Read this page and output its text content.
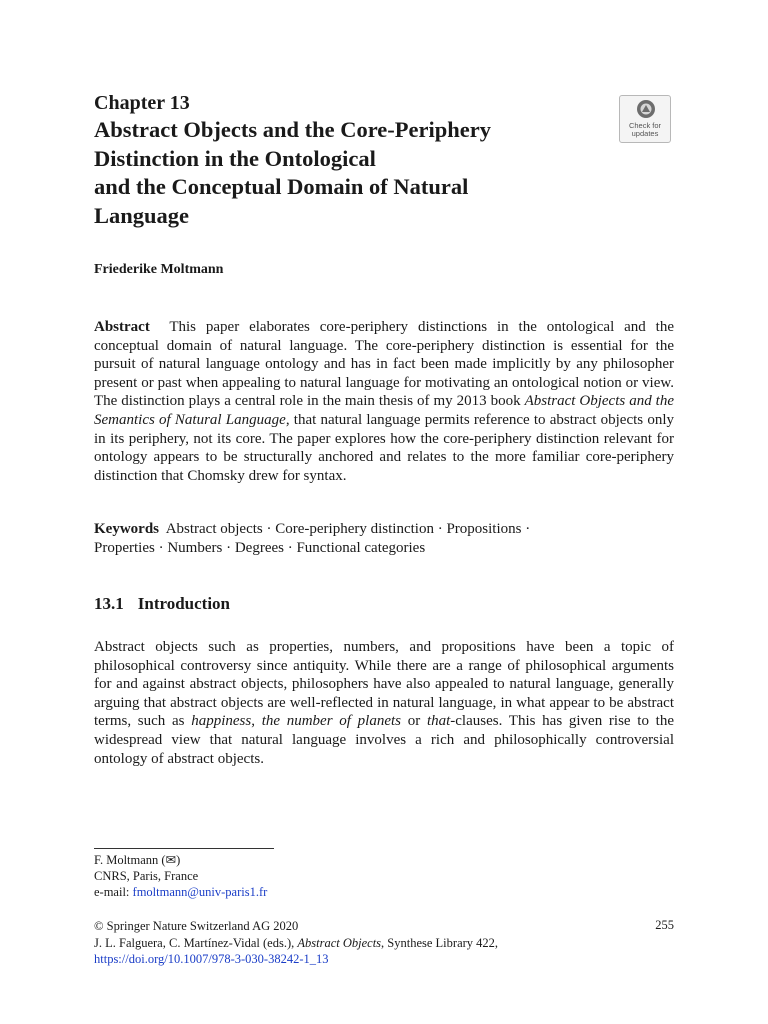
Chapter 13
Abstract Objects and the Core-Periphery
Distinction in the Ontological
and the Conceptual Domain of Natural
Language
Check for
updates
Friederike Moltmann

Abstract This paper elaborates core-periphery distinctions in the ontological and the conceptual domain of natural language. The core-periphery distinction is essential for the pursuit of natural language ontology and has in fact been made implicitly by any philosopher present or past when appealing to natural language for motivating an ontological notion or view. The distinction plays a central role in the main thesis of my 2013 book Abstract Objects and the Semantics of Natural Language, that natural language permits reference to abstract objects only in its periphery, not its core. The paper explores how the core-periphery distinction relevant for ontology appears to be structurally anchored and relates to the more familiar core-periphery distinction that Chomsky drew for syntax.

Keywords Abstract objects · Core-periphery distinction · Propositions ·
Properties · Numbers · Degrees · Functional categories

13.1 Introduction

Abstract objects such as properties, numbers, and propositions have been a topic of philosophical controversy since antiquity. While there are a range of philosophical arguments for and against abstract objects, philosophers have also appealed to natural language, generally arguing that abstract objects are well-reflected in natural language, in what appear to be abstract terms, such as happiness, the number of planets or that-clauses. This has given rise to the widespread view that natural language involves a rich and philosophically controversial ontology of abstract objects.

F. Moltmann (✉)
CNRS, Paris, France
e-mail: fmoltmann@univ-paris1.fr
© Springer Nature Switzerland AG 2020
J. L. Falguera, C. Martínez-Vidal (eds.), Abstract Objects, Synthese Library 422,
https://doi.org/10.1007/978-3-030-38242-1_13
255
